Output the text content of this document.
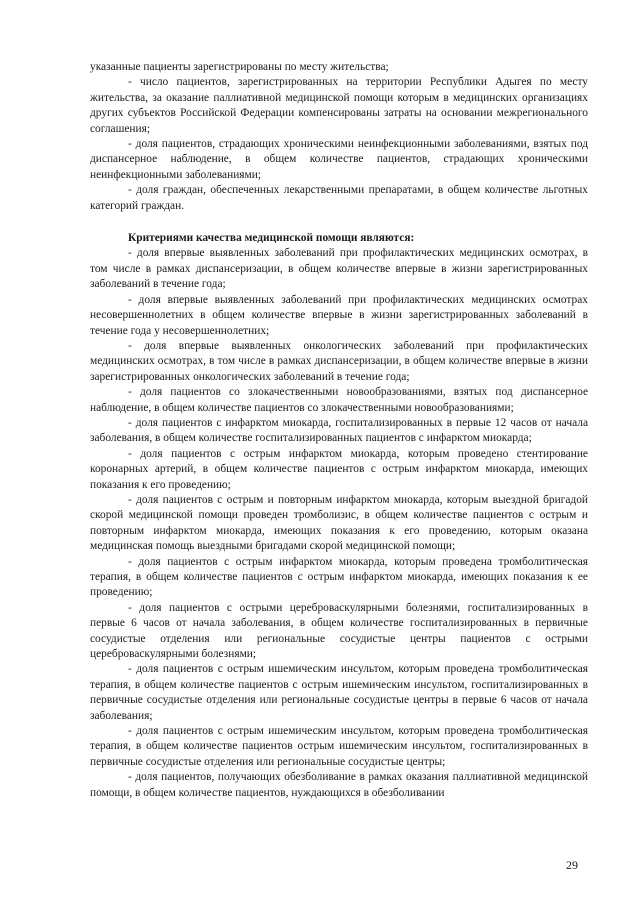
указанные пациенты зарегистрированы по месту жительства;

- число пациентов, зарегистрированных на территории Республики Адыгея по месту жительства, за оказание паллиативной медицинской помощи которым в медицинских организациях других субъектов Российской Федерации компенсированы затраты на основании межрегионального соглашения;

- доля пациентов, страдающих хроническими неинфекционными заболеваниями, взятых под диспансерное наблюдение, в общем количестве пациентов, страдающих хроническими неинфекционными заболеваниями;

- доля граждан, обеспеченных лекарственными препаратами, в общем количестве льготных категорий граждан.

Критериями качества медицинской помощи являются:

- доля впервые выявленных заболеваний при профилактических медицинских осмотрах, в том числе в рамках диспансеризации, в общем количестве впервые в жизни зарегистрированных заболеваний в течение года;

- доля впервые выявленных заболеваний при профилактических медицинских осмотрах несовершеннолетних в общем количестве впервые в жизни зарегистрированных заболеваний в течение года у несовершеннолетних;

- доля впервые выявленных онкологических заболеваний при профилактических медицинских осмотрах, в том числе в рамках диспансеризации, в общем количестве впервые в жизни зарегистрированных онкологических заболеваний в течение года;

- доля пациентов со злокачественными новообразованиями, взятых под диспансерное наблюдение, в общем количестве пациентов со злокачественными новообразованиями;

- доля пациентов с инфарктом миокарда, госпитализированных в первые 12 часов от начала заболевания, в общем количестве госпитализированных пациентов с инфарктом миокарда;

- доля пациентов с острым инфарктом миокарда, которым проведено стентирование коронарных артерий, в общем количестве пациентов с острым инфарктом миокарда, имеющих показания к его проведению;

- доля пациентов с острым и повторным инфарктом миокарда, которым выездной бригадой скорой медицинской помощи проведен тромболизис, в общем количестве пациентов с острым и повторным инфарктом миокарда, имеющих показания к его проведению, которым оказана медицинская помощь выездными бригадами скорой медицинской помощи;

- доля пациентов с острым инфарктом миокарда, которым проведена тромболитическая терапия, в общем количестве пациентов с острым инфарктом миокарда, имеющих показания к ее проведению;

- доля пациентов с острыми цереброваскулярными болезнями, госпитализированных в первые 6 часов от начала заболевания, в общем количестве госпитализированных в первичные сосудистые отделения или региональные сосудистые центры пациентов с острыми цереброваскулярными болезнями;

- доля пациентов с острым ишемическим инсультом, которым проведена тромболитическая терапия, в общем количестве пациентов с острым ишемическим инсультом, госпитализированных в первичные сосудистые отделения или региональные сосудистые центры в первые 6 часов от начала заболевания;

- доля пациентов с острым ишемическим инсультом, которым проведена тромболитическая терапия, в общем количестве пациентов острым ишемическим инсультом, госпитализированных в первичные сосудистые отделения или региональные сосудистые центры;

- доля пациентов, получающих обезболивание в рамках оказания паллиативной медицинской помощи, в общем количестве пациентов, нуждающихся в обезболивании

29
